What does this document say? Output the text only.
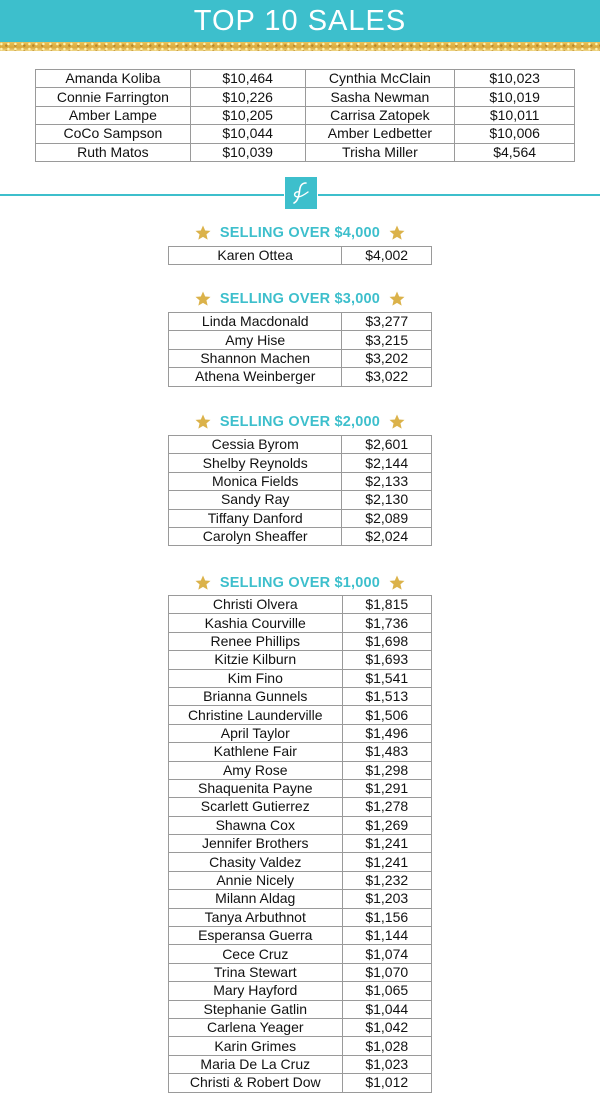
TOP 10 SALES
Amanda Koliba	$10,464	Cynthia McClain	$10,023
Connie Farrington	$10,226	Sasha Newman	$10,019
Amber Lampe	$10,205	Carrisa Zatopek	$10,011
CoCo Sampson	$10,044	Amber Ledbetter	$10,006
Ruth Matos	$10,039	Trisha Miller	$4,564
SELLING OVER $4,000
Karen Ottea	$4,002
SELLING OVER $3,000
Linda Macdonald	$3,277
Amy Hise	$3,215
Shannon Machen	$3,202
Athena Weinberger	$3,022
SELLING OVER $2,000
Cessia Byrom	$2,601
Shelby Reynolds	$2,144
Monica Fields	$2,133
Sandy Ray	$2,130
Tiffany Danford	$2,089
Carolyn Sheaffer	$2,024
SELLING OVER $1,000
Christi Olvera	$1,815
Kashia Courville	$1,736
Renee Phillips	$1,698
Kitzie Kilburn	$1,693
Kim Fino	$1,541
Brianna Gunnels	$1,513
Christine Launderville	$1,506
April Taylor	$1,496
Kathlene Fair	$1,483
Amy Rose	$1,298
Shaquenita Payne	$1,291
Scarlett Gutierrez	$1,278
Shawna Cox	$1,269
Jennifer Brothers	$1,241
Chasity Valdez	$1,241
Annie Nicely	$1,232
Milann Aldag	$1,203
Tanya Arbuthnot	$1,156
Esperansa Guerra	$1,144
Cece Cruz	$1,074
Trina Stewart	$1,070
Mary Hayford	$1,065
Stephanie Gatlin	$1,044
Carlena Yeager	$1,042
Karin Grimes	$1,028
Maria De La Cruz	$1,023
Christi & Robert Dow	$1,012
